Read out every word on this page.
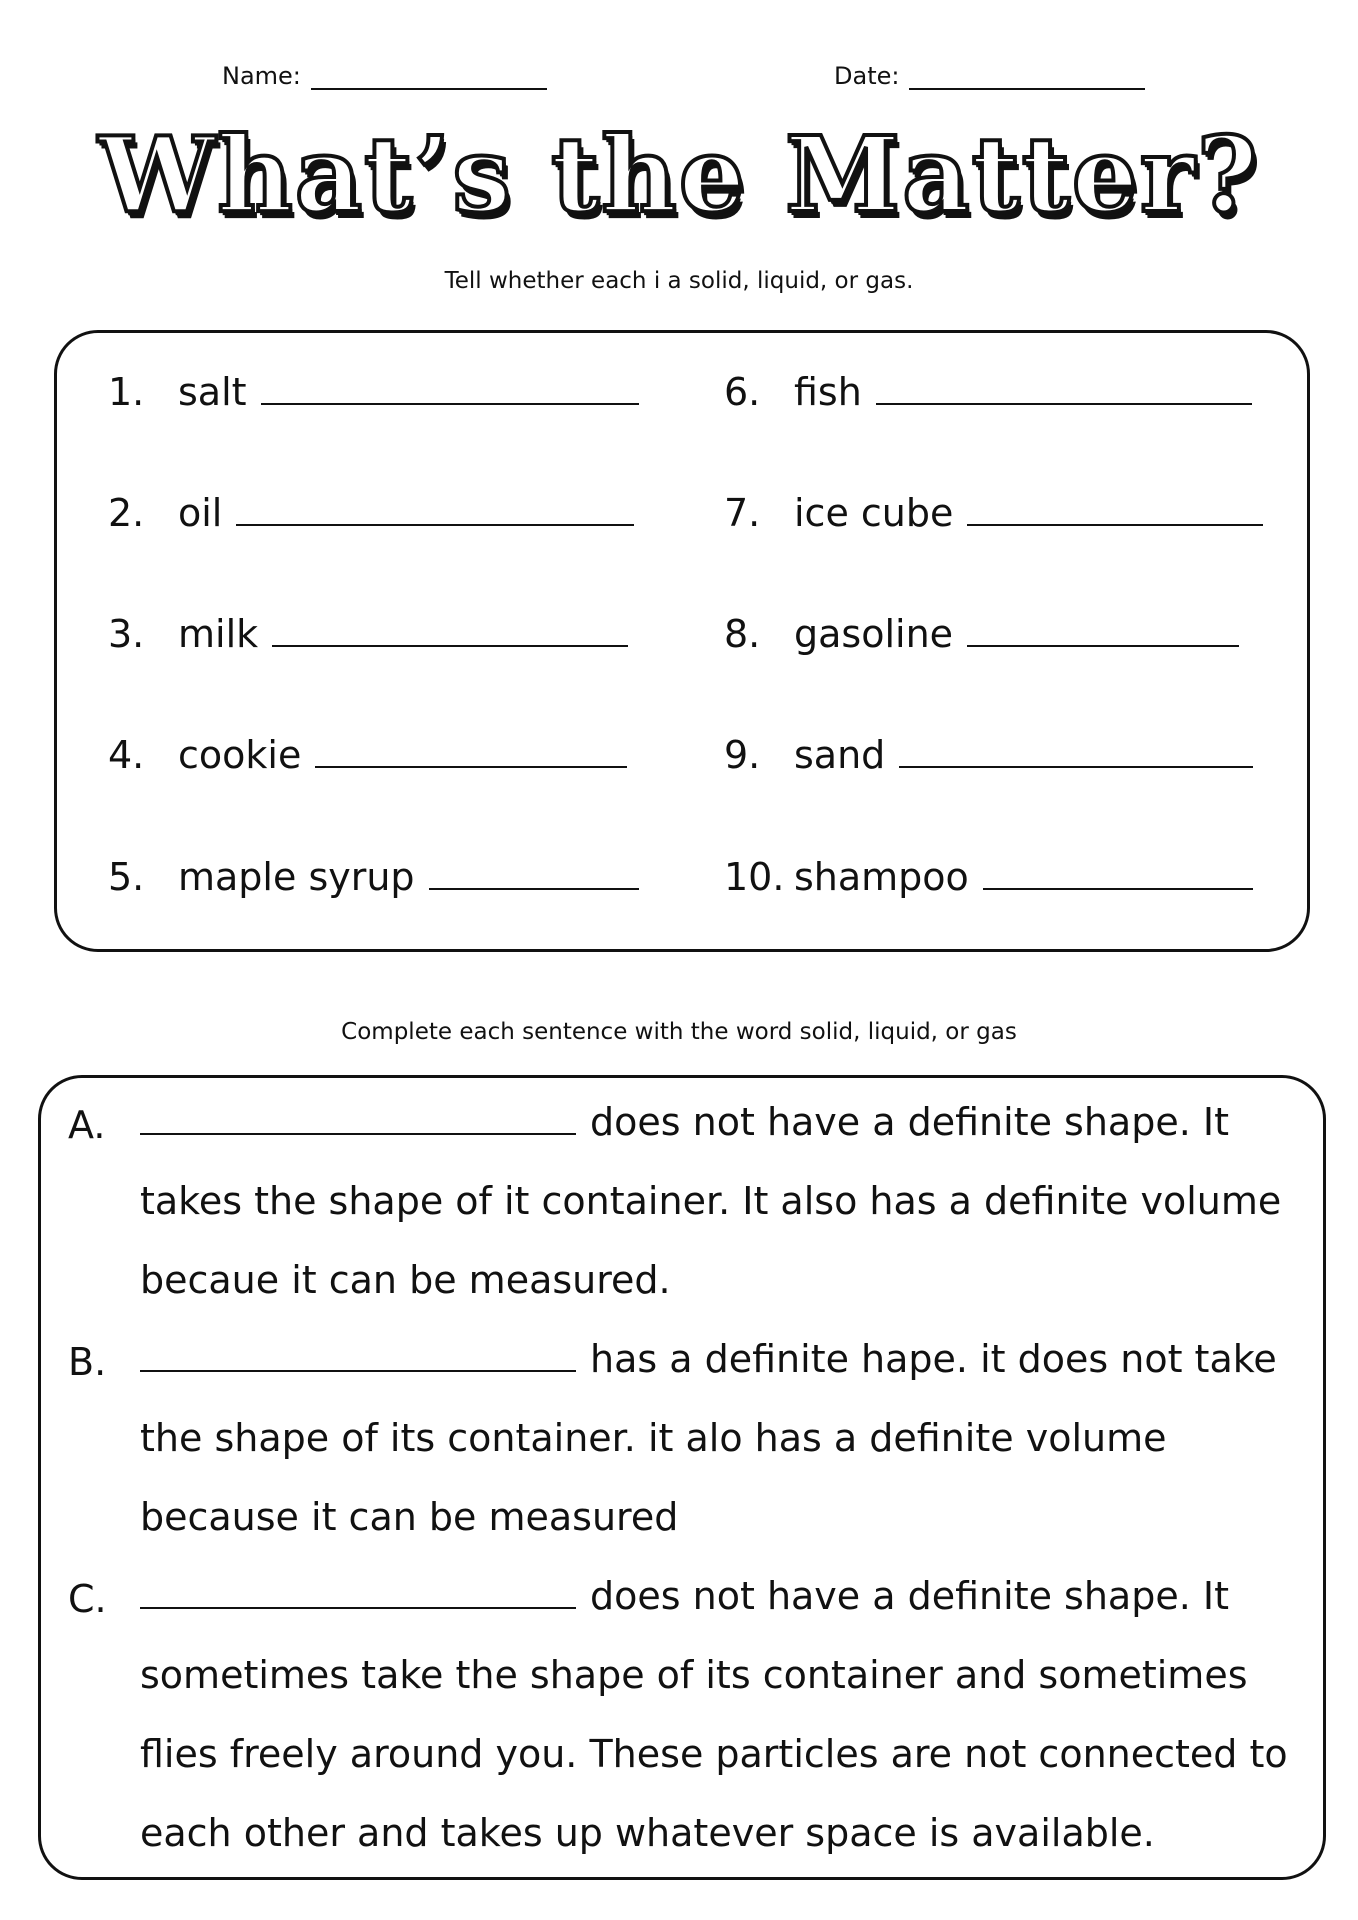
Name:	Date:
What’s the Matter?
Tell whether each i a solid, liquid, or gas.
1. salt
2. oil
3. milk
4. cookie
5. maple syrup
6. fish
7. ice cube
8. gasoline
9. sand
10. shampoo
Complete each sentence with the word solid, liquid, or gas
A.	does not have a definite shape. It takes the shape of it container. It also has a definite volume becaue it can be measured.
B.	has a definite hape. it does not take the shape of its container. it alo has a definite volume because it can be measured
C.	does not have a definite shape. It sometimes take the shape of its container and sometimes flies freely around you. These particles are not connected to each other and takes up whatever space is available.
